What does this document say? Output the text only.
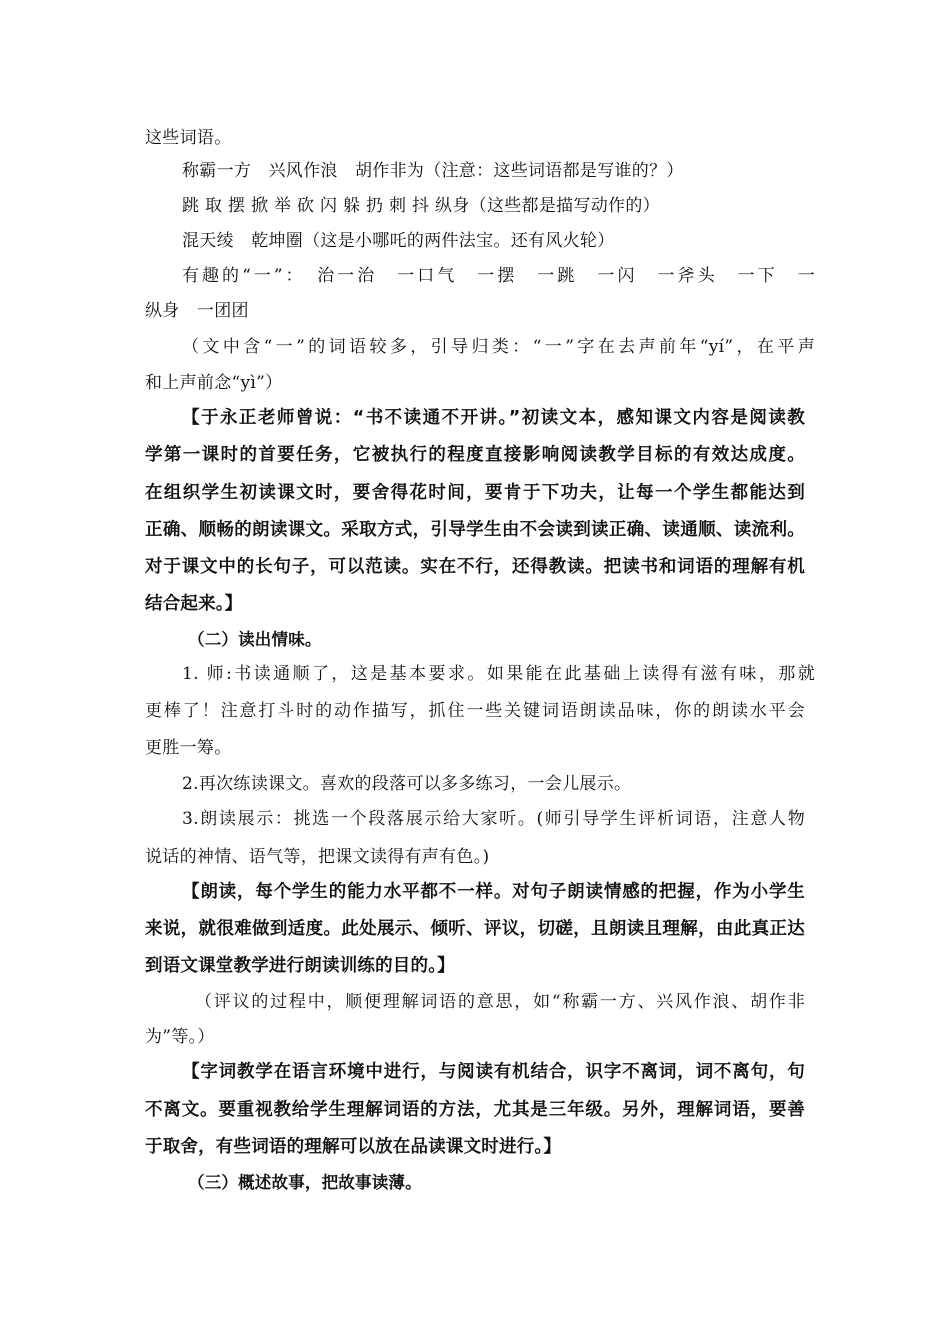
这些词语。
称霸一方　兴风作浪　胡作非为（注意：这些词语都是写谁的？）
跳 取 摆 掀 举 砍 闪 躲 扔 刺 抖 纵身（这些都是描写动作的）
混天绫　乾坤圈（这是小哪吒的两件法宝。还有风火轮）
有趣的“一”：　治一治　一口气　一摆　一跳　一闪　一斧头　一下　一
纵身　一团团
（文中含“一”的词语较多，引导归类：“一”字在去声前年“yí”，在平声
和上声前念“yì”）
【于永正老师曾说：“书不读通不开讲。”初读文本，感知课文内容是阅读教
学第一课时的首要任务，它被执行的程度直接影响阅读教学目标的有效达成度。
在组织学生初读课文时，要舍得花时间，要肯于下功夫，让每一个学生都能达到
正确、顺畅的朗读课文。采取方式，引导学生由不会读到读正确、读通顺、读流利。
对于课文中的长句子，可以范读。实在不行，还得教读。把读书和词语的理解有机
结合起来。】
（二）读出情味。
1. 师:书读通顺了，这是基本要求。如果能在此基础上读得有滋有味，那就
更棒了！注意打斗时的动作描写，抓住一些关键词语朗读品味，你的朗读水平会
更胜一筹。
2.再次练读课文。喜欢的段落可以多多练习，一会儿展示。
3.朗读展示：挑选一个段落展示给大家听。(师引导学生评析词语，注意人物
说话的神情、语气等，把课文读得有声有色。)
【朗读，每个学生的能力水平都不一样。对句子朗读情感的把握，作为小学生
来说，就很难做到适度。此处展示、倾听、评议，切磋，且朗读且理解，由此真正达
到语文课堂教学进行朗读训练的目的。】
（评议的过程中，顺便理解词语的意思，如“称霸一方、兴风作浪、胡作非
为”等。）
【字词教学在语言环境中进行，与阅读有机结合，识字不离词，词不离句，句
不离文。要重视教给学生理解词语的方法，尤其是三年级。另外，理解词语，要善
于取舍，有些词语的理解可以放在品读课文时进行。】
（三）概述故事，把故事读薄。
